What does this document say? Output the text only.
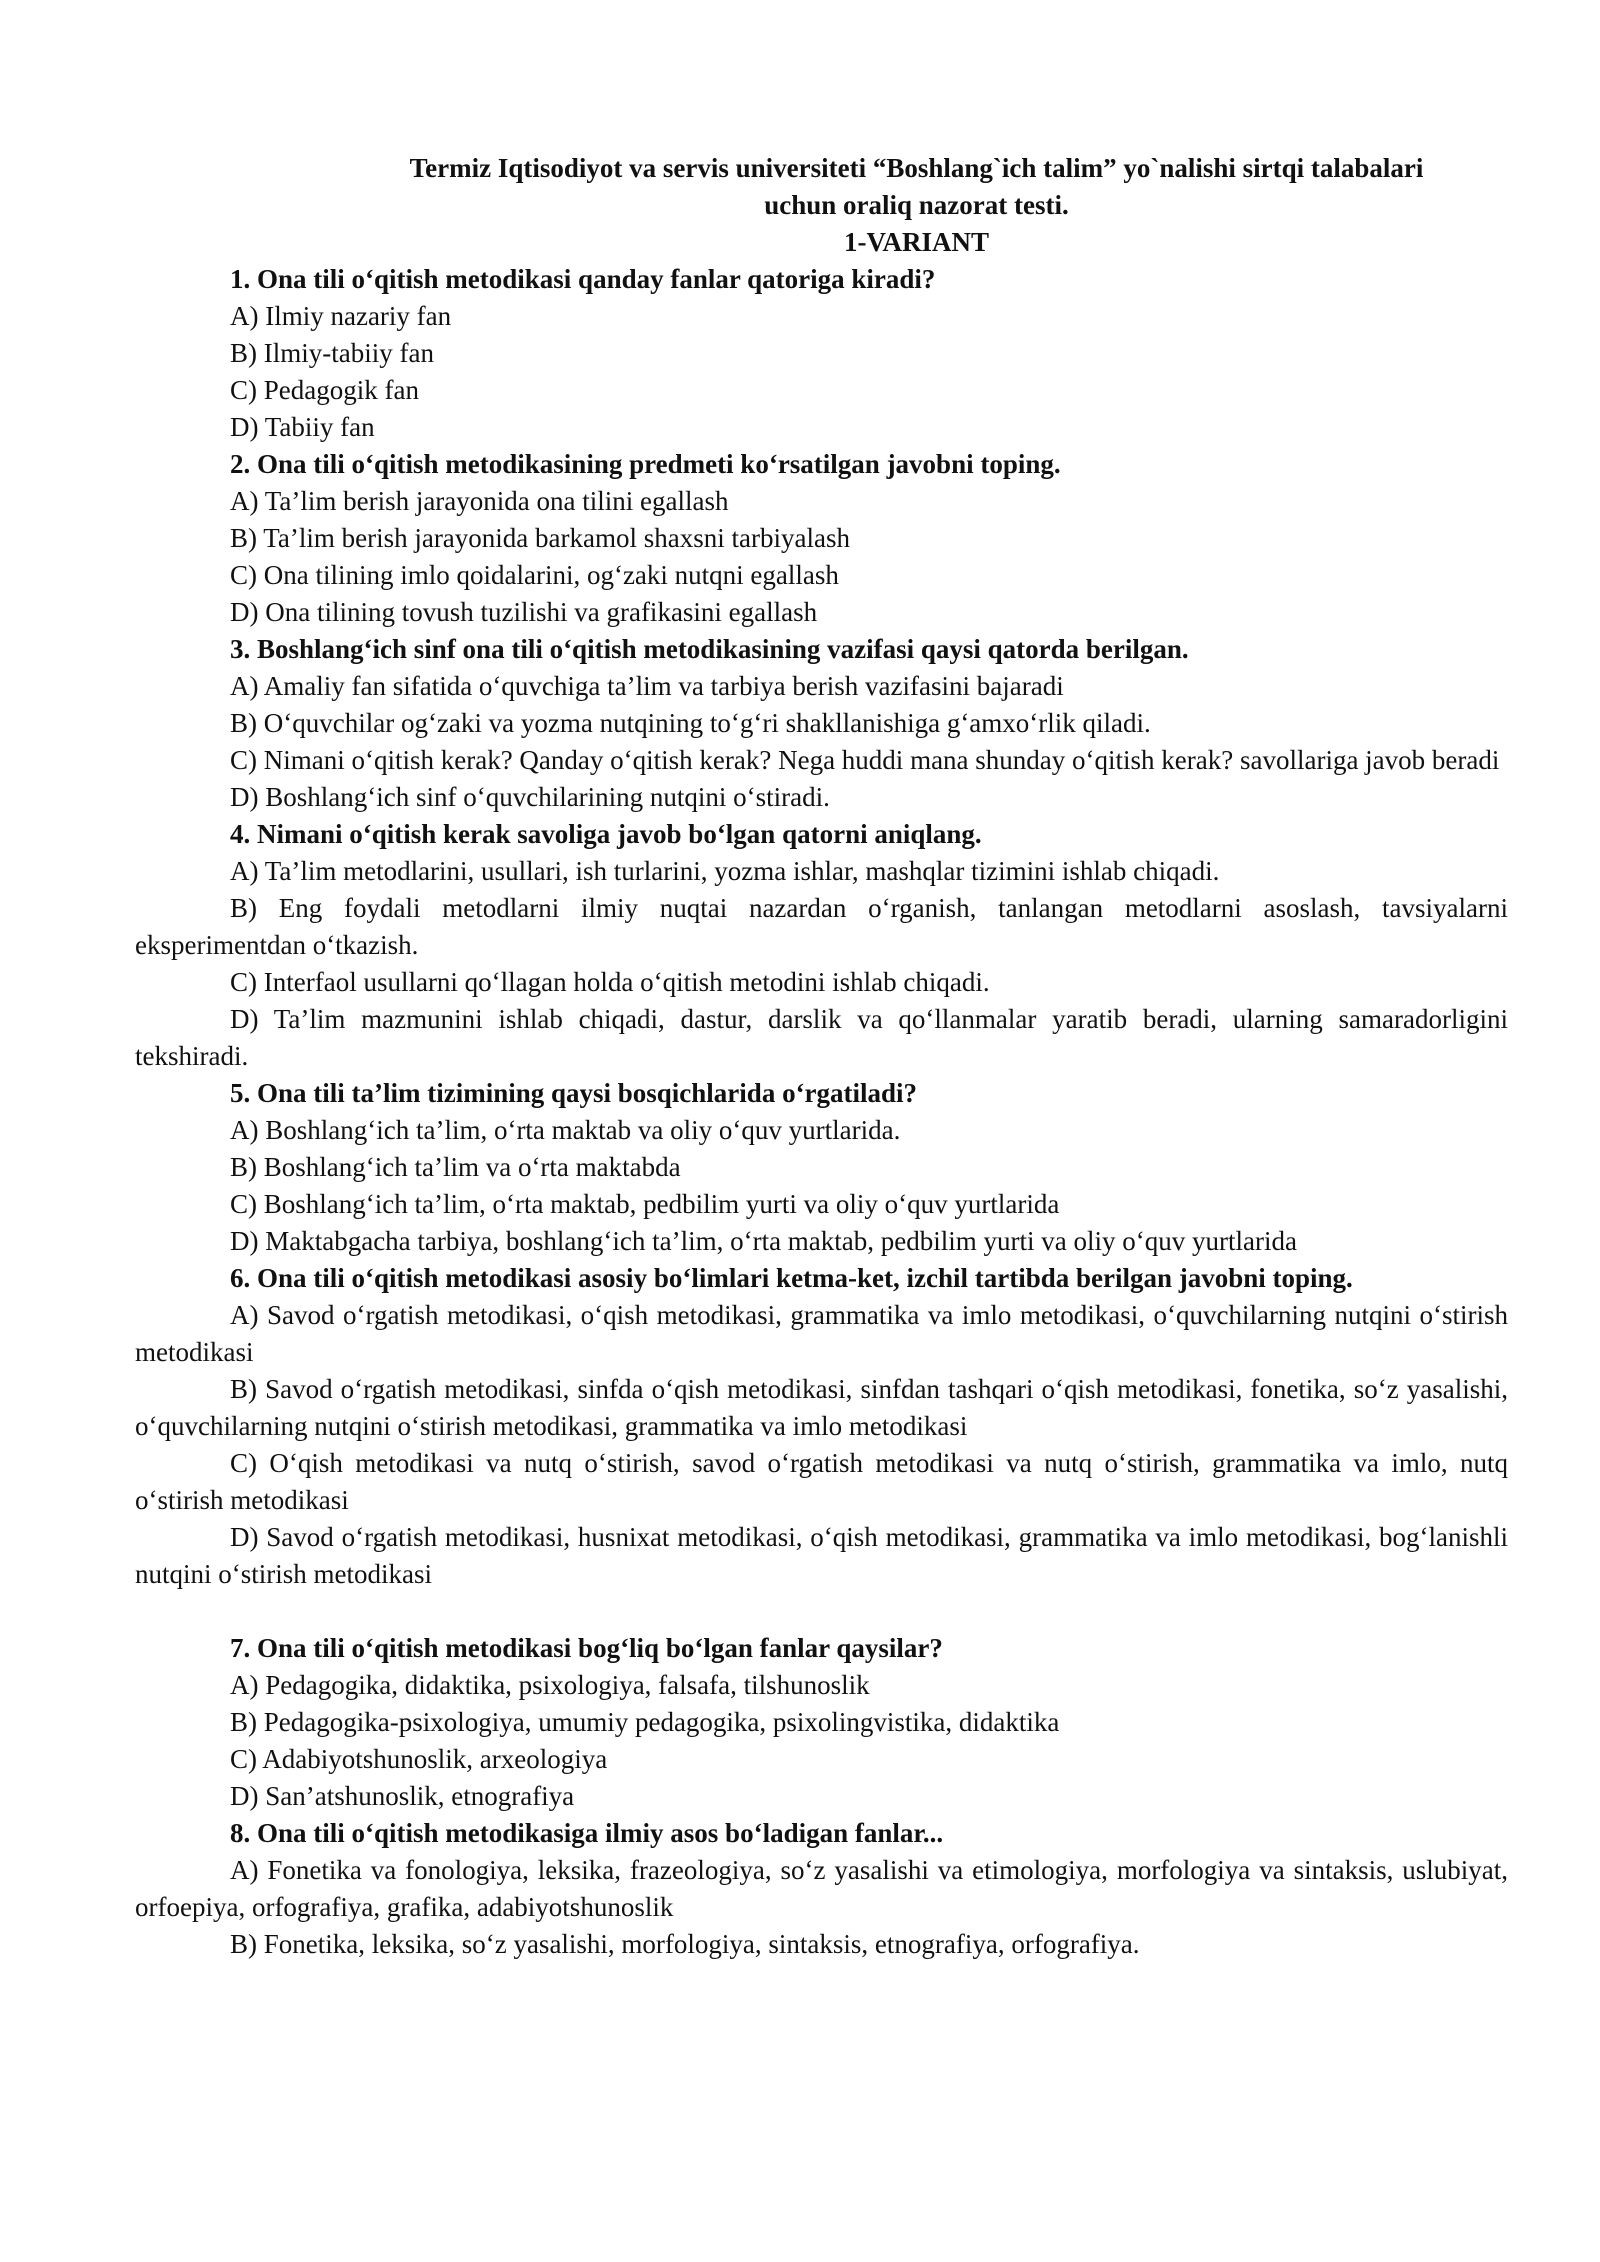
Termiz Iqtisodiyot va servis universiteti “Boshlang`ich talim” yo`nalishi sirtqi talabalari
uchun oraliq nazorat testi.
1-VARIANT
1. Ona tili oʻqitish metodikasi qanday fanlar qatoriga kiradi?
A) Ilmiy nazariy fan
B) Ilmiy-tabiiy fan
C) Pedagogik fan
D) Tabiiy fan
2. Ona tili oʻqitish metodikasining predmeti koʻrsatilgan javobni toping.
A) Ta’lim berish jarayonida ona tilini egallash
B) Ta’lim berish jarayonida barkamol shaxsni tarbiyalash
C) Ona tilining imlo qoidalarini, ogʻzaki nutqni egallash
D) Ona tilining tovush tuzilishi va grafikasini egallash
3. Boshlangʻich sinf ona tili oʻqitish metodikasining vazifasi qaysi qatorda berilgan.
A) Amaliy fan sifatida oʻquvchiga ta’lim va tarbiya berish vazifasini bajaradi
B) Oʻquvchilar ogʻzaki va yozma nutqining toʻgʻri shakllanishiga gʻamxoʻrlik qiladi.
C) Nimani oʻqitish kerak? Qanday oʻqitish kerak? Nega huddi mana shunday oʻqitish kerak? savollariga javob beradi
D) Boshlangʻich sinf oʻquvchilarining nutqini oʻstiradi.
4. Nimani oʻqitish kerak savoliga javob boʻlgan qatorni aniqlang.
A) Ta’lim metodlarini, usullari, ish turlarini, yozma ishlar, mashqlar tizimini ishlab chiqadi.
B) Eng foydali metodlarni ilmiy nuqtai nazardan oʻrganish, tanlangan metodlarni asoslash, tavsiyalarni eksperimentdan oʻtkazish.
C) Interfaol usullarni qoʻllagan holda oʻqitish metodini ishlab chiqadi.
D) Ta’lim mazmunini ishlab chiqadi, dastur, darslik va qoʻllanmalar yaratib beradi, ularning samaradorligini tekshiradi.
5. Ona tili ta’lim tizimining qaysi bosqichlarida oʻrgatiladi?
A) Boshlangʻich ta’lim, oʻrta maktab va oliy oʻquv yurtlarida.
B) Boshlangʻich ta’lim va oʻrta maktabda
C) Boshlangʻich ta’lim, oʻrta maktab, pedbilim yurti va oliy oʻquv yurtlarida
D) Maktabgacha tarbiya, boshlangʻich ta’lim, oʻrta maktab, pedbilim yurti va oliy oʻquv yurtlarida
6. Ona tili oʻqitish metodikasi asosiy boʻlimlari ketma-ket, izchil tartibda berilgan javobni toping.
A) Savod oʻrgatish metodikasi, oʻqish metodikasi, grammatika va imlo metodikasi, oʻquvchilarning nutqini oʻstirish metodikasi
B) Savod oʻrgatish metodikasi, sinfda oʻqish metodikasi, sinfdan tashqari oʻqish metodikasi, fonetika, soʻz yasalishi, oʻquvchilarning nutqini oʻstirish metodikasi, grammatika va imlo metodikasi
C) Oʻqish metodikasi va nutq oʻstirish, savod oʻrgatish metodikasi va nutq oʻstirish, grammatika va imlo, nutq oʻstirish metodikasi
D) Savod oʻrgatish metodikasi, husnixat metodikasi, oʻqish metodikasi, grammatika va imlo metodikasi, bogʻlanishli nutqini oʻstirish metodikasi
7. Ona tili oʻqitish metodikasi bogʻliq boʻlgan fanlar qaysilar?
A) Pedagogika, didaktika, psixologiya, falsafa, tilshunoslik
B) Pedagogika-psixologiya, umumiy pedagogika, psixolingvistika, didaktika
C) Adabiyotshunoslik, arxeologiya
D) San’atshunoslik, etnografiya
8. Ona tili oʻqitish metodikasiga ilmiy asos boʻladigan fanlar...
A) Fonetika va fonologiya, leksika, frazeologiya, soʻz yasalishi va etimologiya, morfologiya va sintaksis, uslubiyat, orfoepiya, orfografiya, grafika, adabiyotshunoslik
B) Fonetika, leksika, soʻz yasalishi, morfologiya, sintaksis, etnografiya, orfografiya.
